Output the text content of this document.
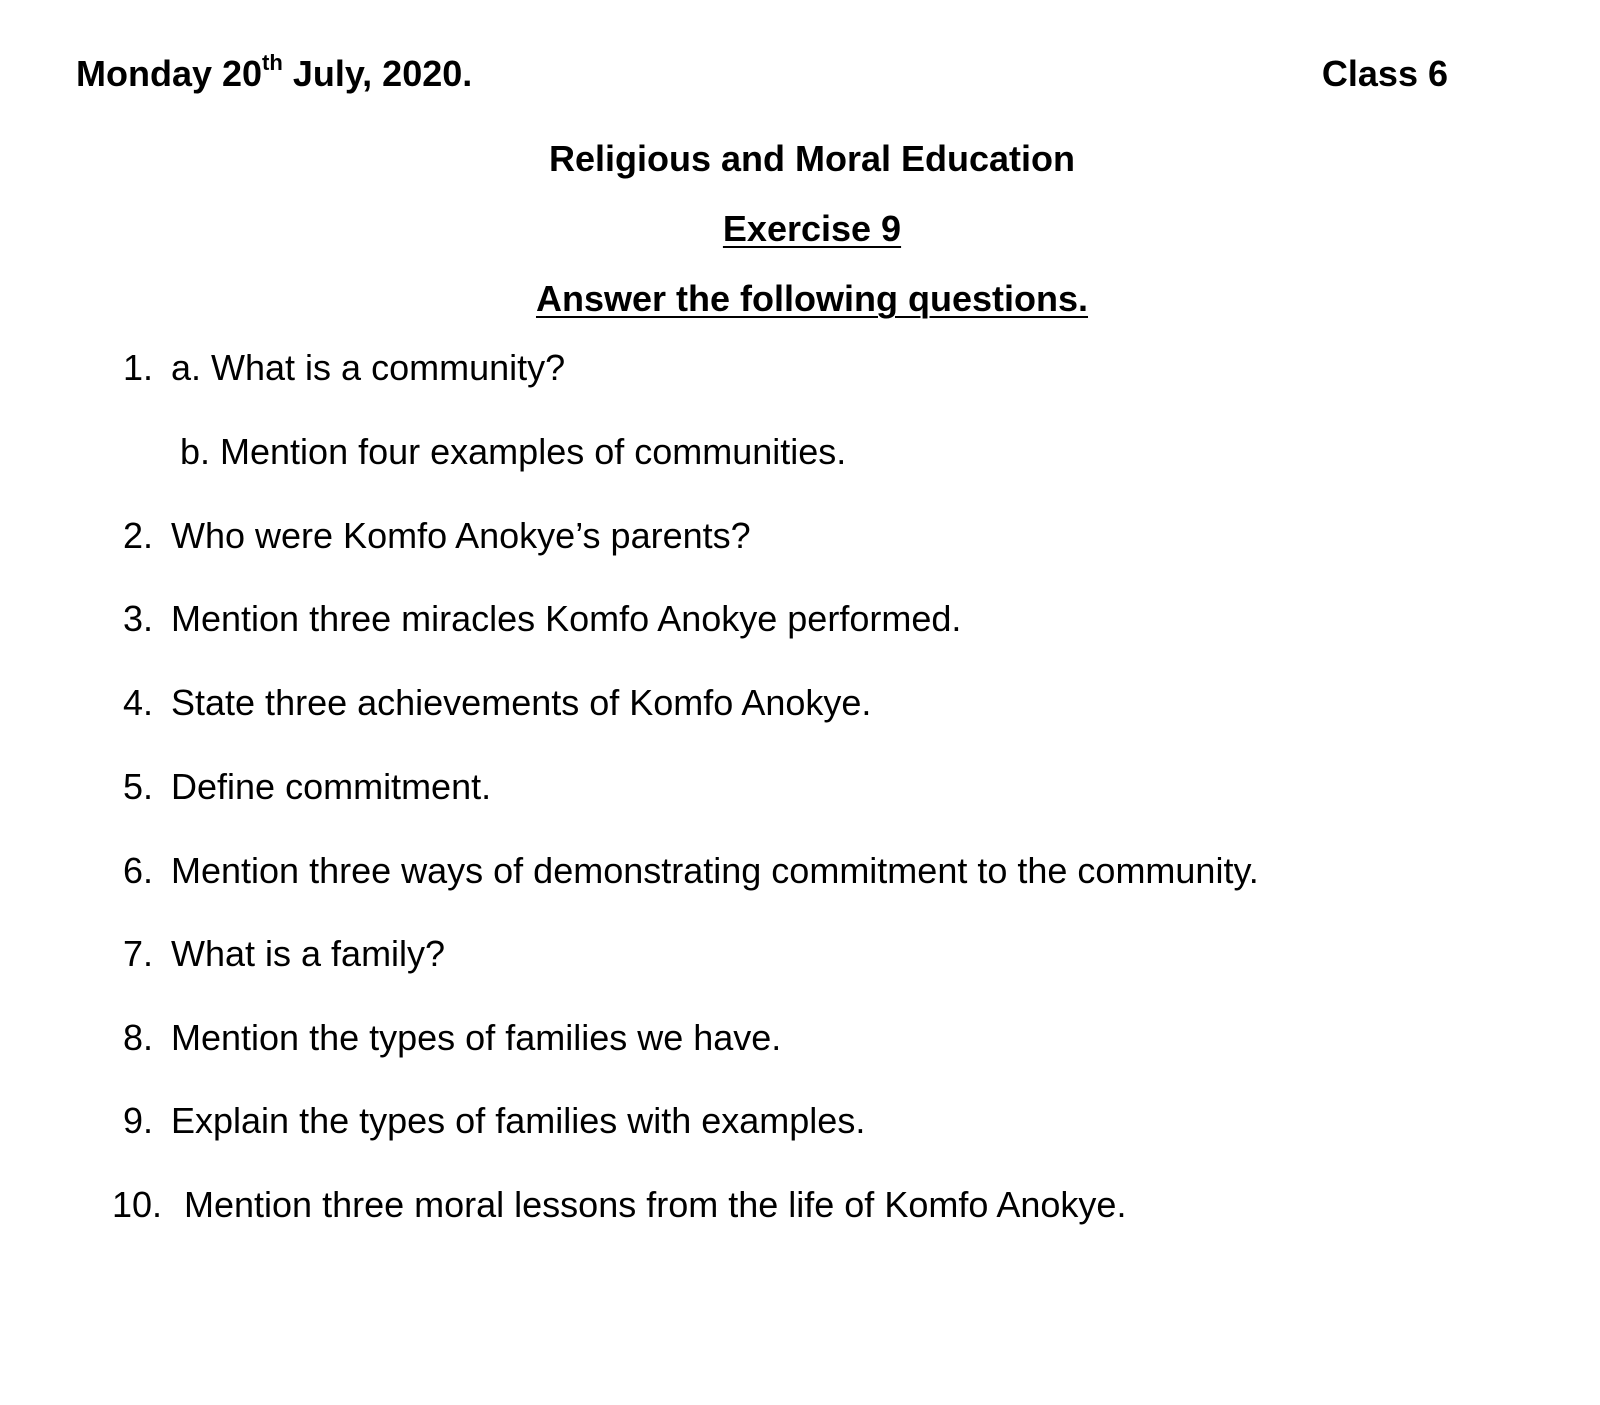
Monday 20th July, 2020.	Class 6
Religious and Moral Education
Exercise 9
Answer the following questions.
1. a. What is a community?
b. Mention four examples of communities.
2. Who were Komfo Anokye’s parents?
3. Mention three miracles Komfo Anokye performed.
4. State three achievements of Komfo Anokye.
5. Define commitment.
6. Mention three ways of demonstrating commitment to the community.
7. What is a family?
8. Mention the types of families we have.
9. Explain the types of families with examples.
10. Mention three moral lessons from the life of Komfo Anokye.
